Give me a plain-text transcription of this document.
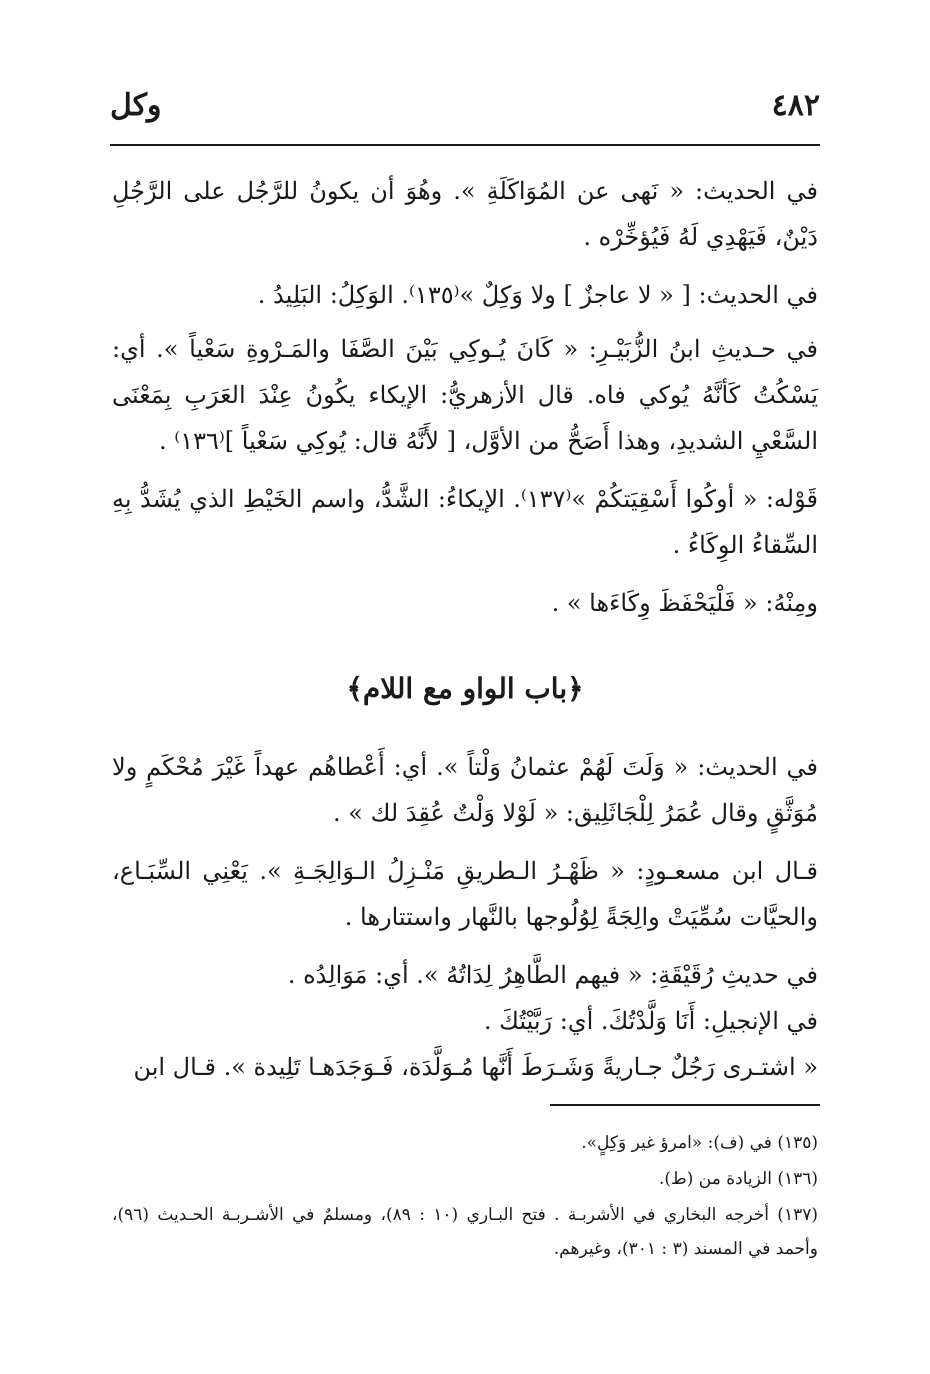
٤٨٢
وكل

في الحديث: « نَهى عن المُوَاكَلَةِ ». وهُوَ أن يكونُ للرَّجُل على الرَّجُلِ دَيْنٌ، فَيَهْدِي لَهُ فَيُؤخِّرْه .

في الحديث: [ « لا عاجزٌ ] ولا وَكِلٌ »⁽١٣٥⁾. الوَكِلُ: البَلِيدُ .

في حـديثِ ابنُ الزُّبَيْـرِ: « كَانَ يُـوكِي بَيْنَ الصَّفَا والمَـرْوةِ سَعْياً ». أي: يَسْكُتُ كَأنَّهُ يُوكي فاه. قال الأزهريُّ: الإيكاء يكُونُ عِنْدَ العَرَبِ بِمَعْنَى السَّعْيِ الشديدِ، وهذا أَصَحُّ من الأوَّل، [ لأَنَّهُ قال: يُوكِي سَعْياً ]⁽١٣٦⁾ .

قَوْله: « أوكُوا أَسْقِيَتكُمْ »⁽١٣٧⁾. الإيكاءُ: الشَّدُّ، واسم الخَيْطِ الذي يُشَدُّ بِهِ السِّقاءُ الوِكَاءُ .

ومِنْهُ: « فَلْيَحْفَظَ وِكَاءَها » .

﴿باب الواو مع اللام﴾

في الحديث: « وَلَتَ لَهُمْ عثمانُ وَلْتاً ». أي: أَعْطاهُم عهداً غَيْرَ مُحْكَمٍ ولا مُوَثَّقٍ وقال عُمَرُ لِلْجَاثَلِيق: « لَوْلا وَلْتٌ عُقِدَ لك » .

قـال ابن مسعـودٍ: « ظَهْـرُ الـطريقِ مَنْـزِلُ الـوَالِجَـةِ ». يَعْنِي السِّبَـاع، والحيَّات سُمِّيَتْ والِجَةً لِوُلُوجها بالنَّهار واستتارها .

في حديثِ رُقَيْقَةِ: « فيهم الطَّاهِرُ لِدَاتُهُ ». أي: مَوَالِدُه .

في الإنجيلِ: أَنَا وَلَّدْتُكَ. أي: رَبَّيْتُكَ .

« اشتـرى رَجُلٌ جـاريةً وَشَـرَطَ أَنَّها مُـوَلَّدَة، فَـوَجَدَهـا تَلِيدة ». قـال ابن

(١٣٥) في (ف): «امرؤ غير وَكِلٍ».

(١٣٦) الزيادة من (ط).

(١٣٧) أخرجه البخاري في الأشربـة . فتح البـاري (١٠ : ٨٩)، ومسلمٌ في الأشـربـة الحـديث (٩٦)، وأحمد في المسند (٣ : ٣٠١)، وغيرهم.
